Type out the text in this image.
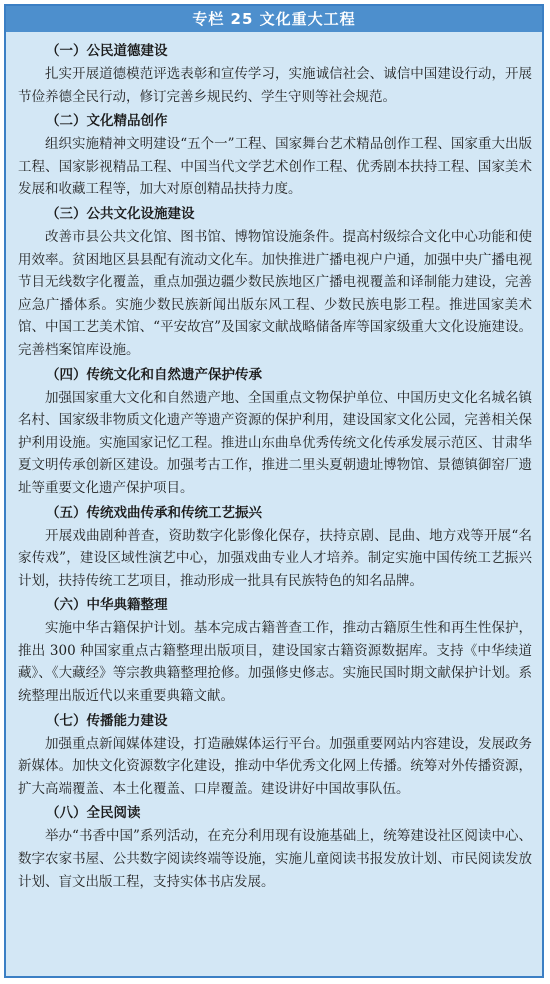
专栏 25 文化重大工程
（一）公民道德建设

扎实开展道德模范评选表彰和宣传学习，实施诚信社会、诚信中国建设行动，开展节俭养德全民行动，修订完善乡规民约、学生守则等社会规范。

（二）文化精品创作

组织实施精神文明建设“五个一”工程、国家舞台艺术精品创作工程、国家重大出版工程、国家影视精品工程、中国当代文学艺术创作工程、优秀剧本扶持工程、国家美术发展和收藏工程等，加大对原创精品扶持力度。

（三）公共文化设施建设

改善市县公共文化馆、图书馆、博物馆设施条件。提高村级综合文化中心功能和使用效率。贫困地区县县配有流动文化车。加快推进广播电视户户通，加强中央广播电视节目无线数字化覆盖，重点加强边疆少数民族地区广播电视覆盖和译制能力建设，完善应急广播体系。实施少数民族新闻出版东风工程、少数民族电影工程。推进国家美术馆、中国工艺美术馆、“平安故宫”及国家文献战略储备库等国家级重大文化设施建设。完善档案馆库设施。

（四）传统文化和自然遗产保护传承

加强国家重大文化和自然遗产地、全国重点文物保护单位、中国历史文化名城名镇名村、国家级非物质文化遗产等遗产资源的保护利用，建设国家文化公园，完善相关保护利用设施。实施国家记忆工程。推进山东曲阜优秀传统文化传承发展示范区、甘肃华夏文明传承创新区建设。加强考古工作，推进二里头夏朝遗址博物馆、景德镇御窑厂遗址等重要文化遗产保护项目。

（五）传统戏曲传承和传统工艺振兴

开展戏曲剧种普查，资助数字化影像化保存，扶持京剧、昆曲、地方戏等开展“名家传戏”，建设区域性演艺中心，加强戏曲专业人才培养。制定实施中国传统工艺振兴计划，扶持传统工艺项目，推动形成一批具有民族特色的知名品牌。

（六）中华典籍整理

实施中华古籍保护计划。基本完成古籍普查工作，推动古籍原生性和再生性保护，推出 300 种国家重点古籍整理出版项目，建设国家古籍资源数据库。支持《中华续道藏》、《大藏经》等宗教典籍整理抢修。加强修史修志。实施民国时期文献保护计划。系统整理出版近代以来重要典籍文献。

（七）传播能力建设

加强重点新闻媒体建设，打造融媒体运行平台。加强重要网站内容建设，发展政务新媒体。加快文化资源数字化建设，推动中华优秀文化网上传播。统筹对外传播资源，扩大高端覆盖、本土化覆盖、口岸覆盖。建设讲好中国故事队伍。

（八）全民阅读

举办“书香中国”系列活动，在充分利用现有设施基础上，统筹建设社区阅读中心、数字农家书屋、公共数字阅读终端等设施，实施儿童阅读书报发放计划、市民阅读发放计划、盲文出版工程，支持实体书店发展。
